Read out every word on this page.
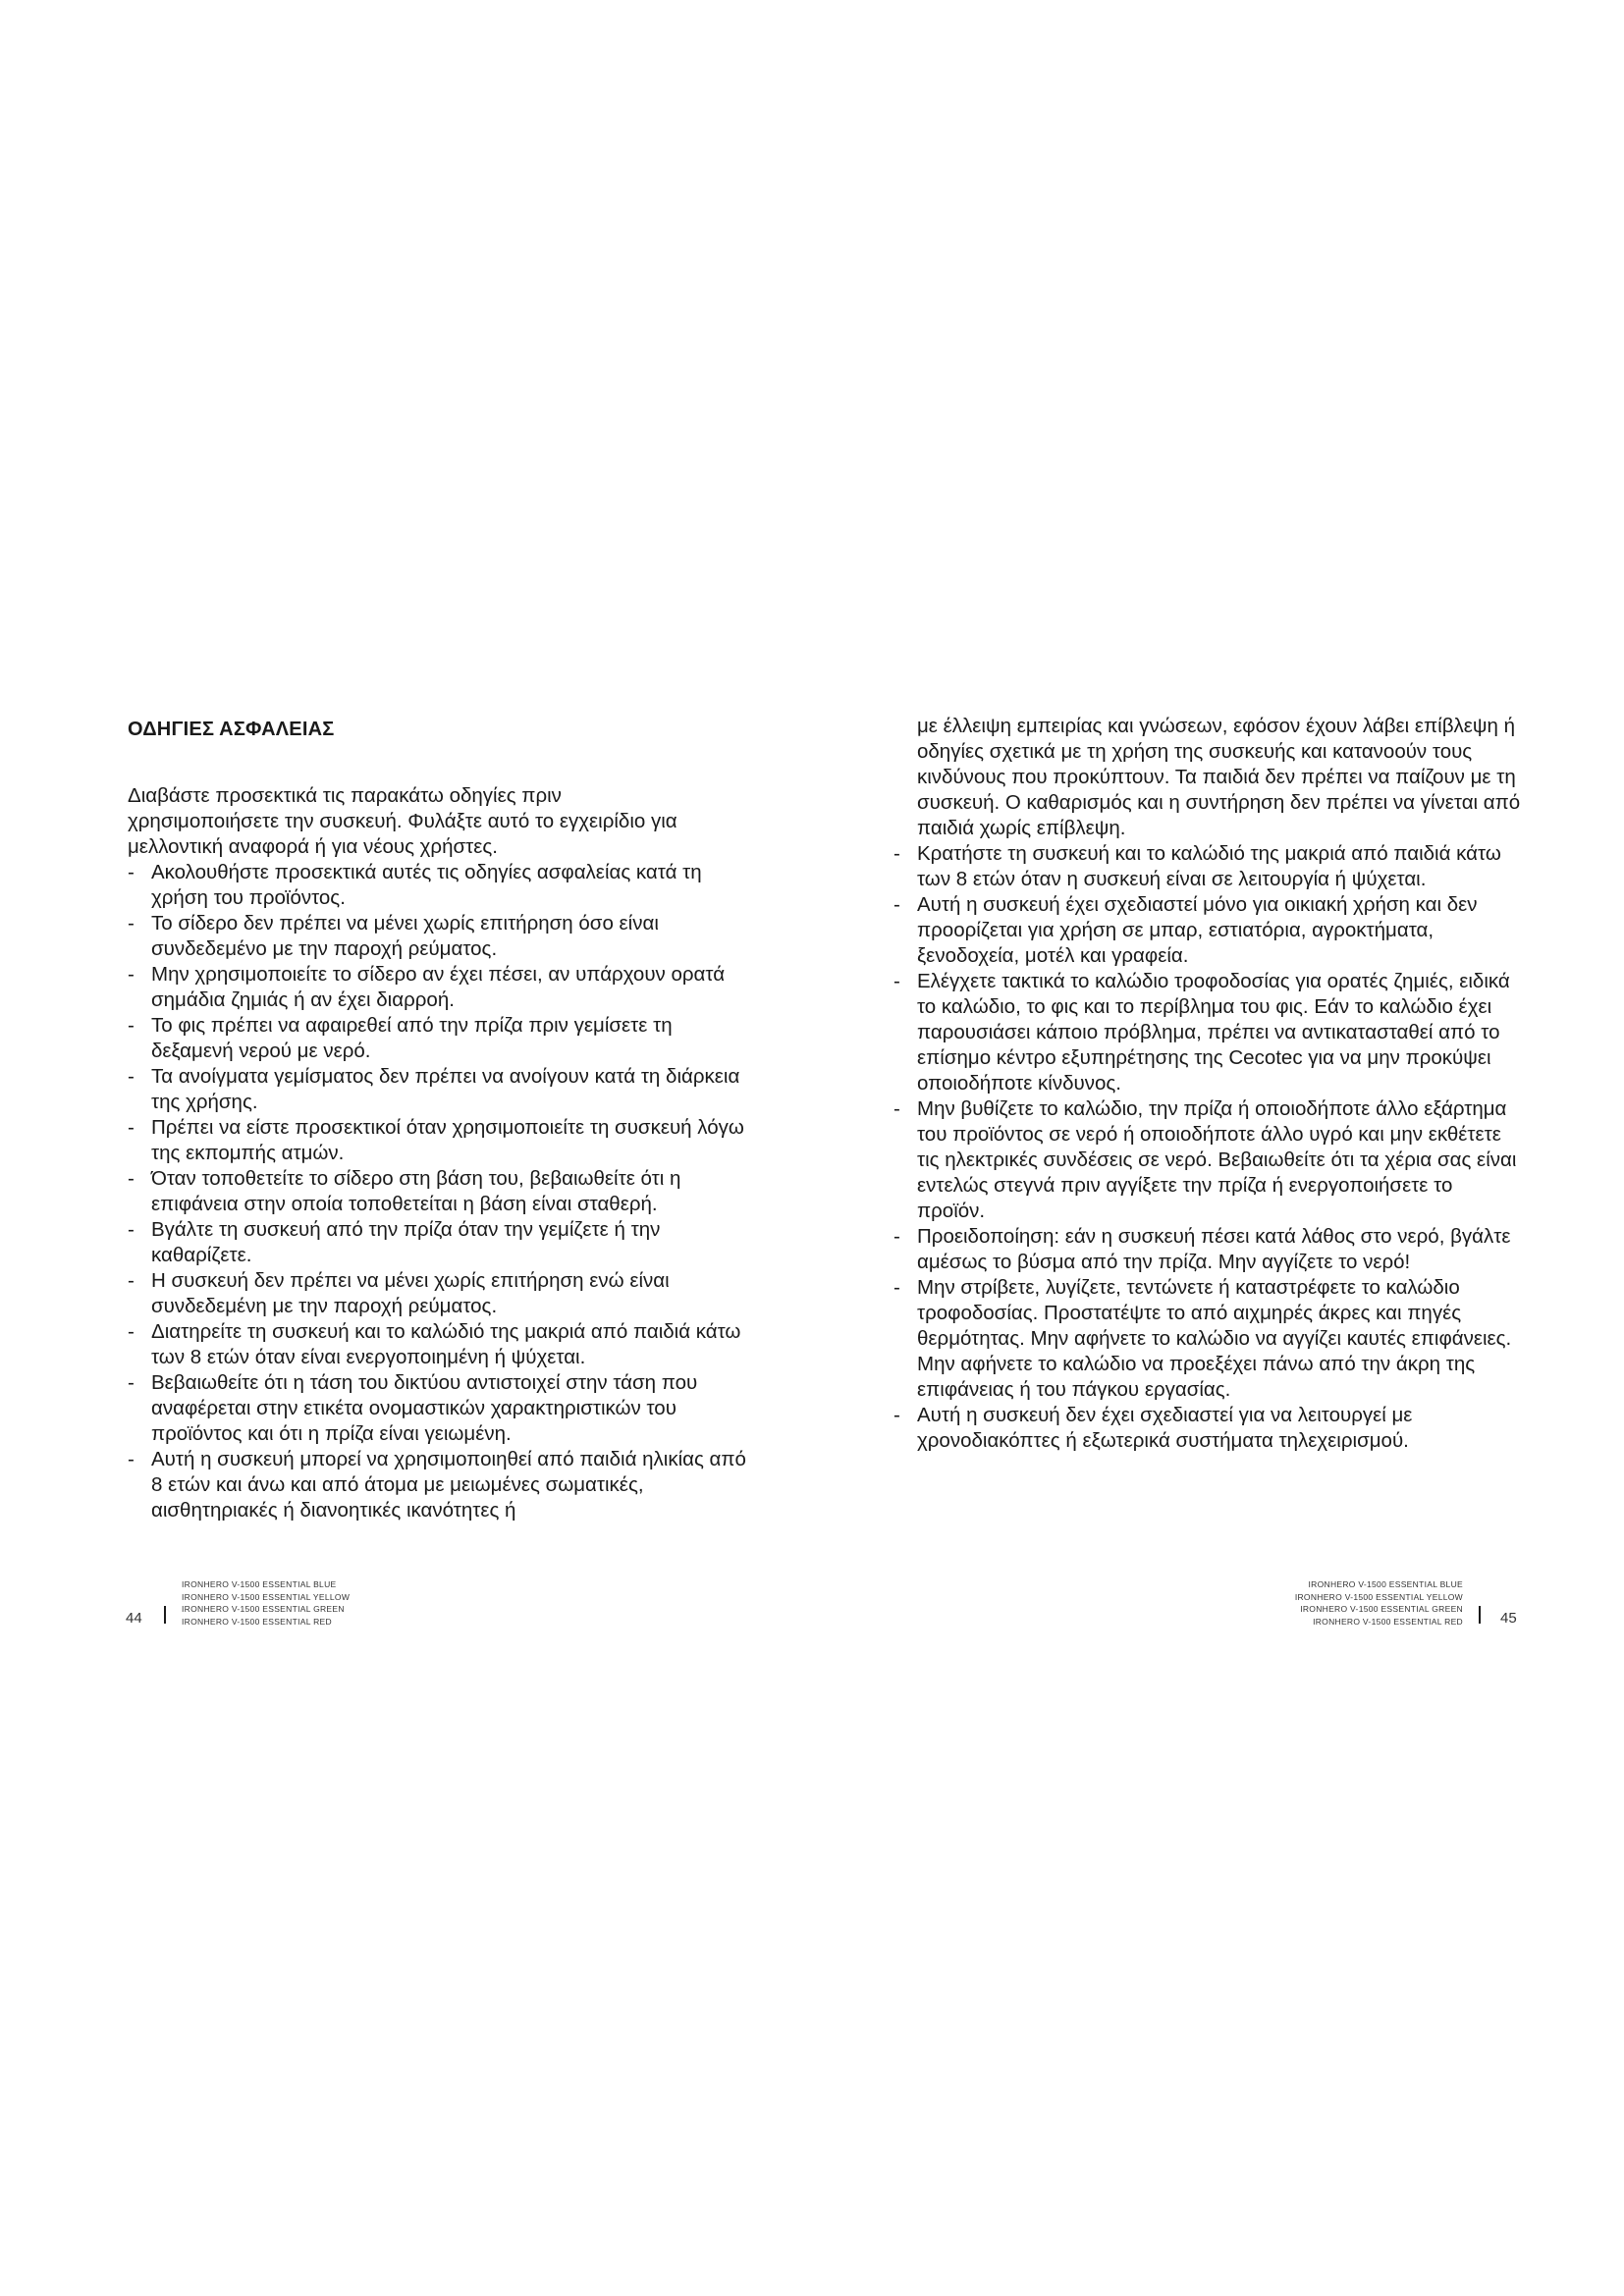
ΟΔΗΓΙΕΣ ΑΣΦΑΛΕΙΑΣ

Διαβάστε προσεκτικά τις παρακάτω οδηγίες πριν

χρησιμοποιήσετε την συσκευή. Φυλάξτε αυτό το εγχειρίδιο για

μελλοντική αναφορά ή για νέους χρήστες.

- Ακολουθήστε προσεκτικά αυτές τις οδηγίες ασφαλείας κατά τη χρήση του προϊόντος.
- Το σίδερο δεν πρέπει να μένει χωρίς επιτήρηση όσο είναι συνδεδεμένο με την παροχή ρεύματος.
- Μην χρησιμοποιείτε το σίδερο αν έχει πέσει, αν υπάρχουν ορατά σημάδια ζημιάς ή αν έχει διαρροή.
- Το φις πρέπει να αφαιρεθεί από την πρίζα πριν γεμίσετε τη δεξαμενή νερού με νερό.
- Τα ανοίγματα γεμίσματος δεν πρέπει να ανοίγουν κατά τη διάρκεια της χρήσης.
- Πρέπει να είστε προσεκτικοί όταν χρησιμοποιείτε τη συσκευή λόγω της εκπομπής ατμών.
- Όταν τοποθετείτε το σίδερο στη βάση του, βεβαιωθείτε ότι η επιφάνεια στην οποία τοποθετείται η βάση είναι σταθερή.
- Βγάλτε τη συσκευή από την πρίζα όταν την γεμίζετε ή την καθαρίζετε.
- Η συσκευή δεν πρέπει να μένει χωρίς επιτήρηση ενώ είναι συνδεδεμένη με την παροχή ρεύματος.
- Διατηρείτε τη συσκευή και το καλώδιό της μακριά από παιδιά κάτω των 8 ετών όταν είναι ενεργοποιημένη ή ψύχεται.
- Βεβαιωθείτε ότι η τάση του δικτύου αντιστοιχεί στην τάση που αναφέρεται στην ετικέτα ονομαστικών χαρακτηριστικών του προϊόντος και ότι η πρίζα είναι γειωμένη.
- Αυτή η συσκευή μπορεί να χρησιμοποιηθεί από παιδιά ηλικίας από 8 ετών και άνω και από άτομα με μειωμένες σωματικές, αισθητηριακές ή διανοητικές ικανότητες ή

με έλλειψη εμπειρίας και γνώσεων, εφόσον έχουν λάβει επίβλεψη ή οδηγίες σχετικά με τη χρήση της συσκευής και κατανοούν τους κινδύνους που προκύπτουν. Τα παιδιά δεν πρέπει να παίζουν με τη συσκευή. Ο καθαρισμός και η συντήρηση δεν πρέπει να γίνεται από παιδιά χωρίς επίβλεψη.

- Κρατήστε τη συσκευή και το καλώδιό της μακριά από παιδιά κάτω των 8 ετών όταν η συσκευή είναι σε λειτουργία ή ψύχεται.
- Αυτή η συσκευή έχει σχεδιαστεί μόνο για οικιακή χρήση και δεν προορίζεται για χρήση σε μπαρ, εστιατόρια, αγροκτήματα, ξενοδοχεία, μοτέλ και γραφεία.
- Ελέγχετε τακτικά το καλώδιο τροφοδοσίας για ορατές ζημιές, ειδικά το καλώδιο, το φις και το περίβλημα του φις. Εάν το καλώδιο έχει παρουσιάσει κάποιο πρόβλημα, πρέπει να αντικατασταθεί από το επίσημο κέντρο εξυπηρέτησης της Cecotec για να μην προκύψει οποιοδήποτε κίνδυνος.
- Μην βυθίζετε το καλώδιο, την πρίζα ή οποιοδήποτε άλλο εξάρτημα του προϊόντος σε νερό ή οποιοδήποτε άλλο υγρό και μην εκθέτετε τις ηλεκτρικές συνδέσεις σε νερό. Βεβαιωθείτε ότι τα χέρια σας είναι εντελώς στεγνά πριν αγγίξετε την πρίζα ή ενεργοποιήσετε το προϊόν.
- Προειδοποίηση: εάν η συσκευή πέσει κατά λάθος στο νερό, βγάλτε αμέσως το βύσμα από την πρίζα. Μην αγγίζετε το νερό!
- Μην στρίβετε, λυγίζετε, τεντώνετε ή καταστρέφετε το καλώδιο τροφοδοσίας. Προστατέψτε το από αιχμηρές άκρες και πηγές θερμότητας. Μην αφήνετε το καλώδιο να αγγίζει καυτές επιφάνειες. Μην αφήνετε το καλώδιο να προεξέχει πάνω από την άκρη της επιφάνειας ή του πάγκου εργασίας.
- Αυτή η συσκευή δεν έχει σχεδιαστεί για να λειτουργεί με χρονοδιακόπτες ή εξωτερικά συστήματα τηλεχειρισμού.
44
IRONHERO V-1500 ESSENTIAL BLUE
IRONHERO V-1500 ESSENTIAL YELLOW
IRONHERO V-1500 ESSENTIAL GREEN
IRONHERO V-1500 ESSENTIAL RED
IRONHERO V-1500 ESSENTIAL BLUE
IRONHERO V-1500 ESSENTIAL YELLOW
IRONHERO V-1500 ESSENTIAL GREEN
IRONHERO V-1500 ESSENTIAL RED	45
